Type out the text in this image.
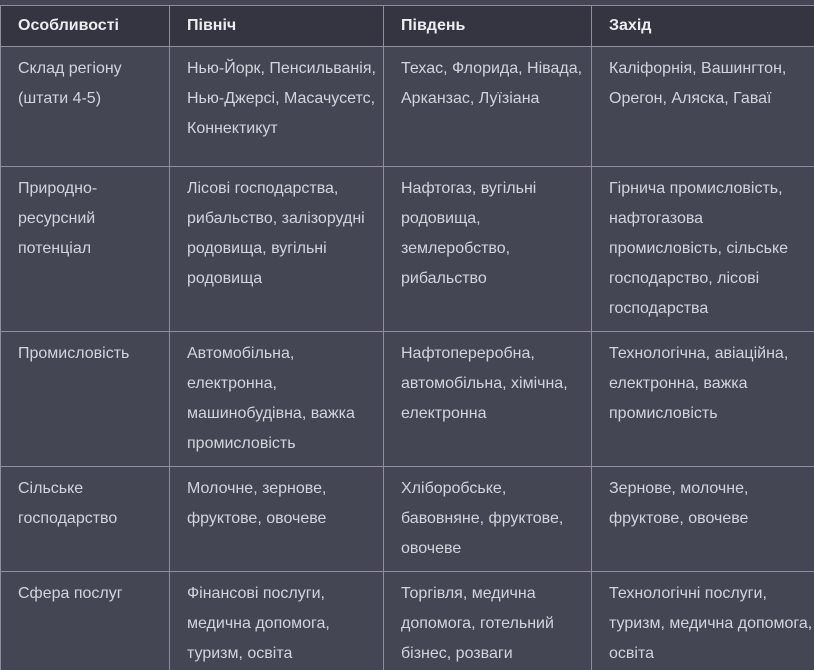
Особливості	Північ	Південь	Захід
Склад регіону (штати 4-5)	Нью-Йорк, Пенсильванія, Нью-Джерсі, Масачусетс, Коннектикут	Техас, Флорида, Нівада, Арканзас, Луїзіана	Каліфорнія, Вашингтон, Орегон, Аляска, Гаваї
Природно-ресурсний потенціал	Лісові господарства, рибальство, залізорудні родовища, вугільні родовища	Нафтогаз, вугільні родовища, землеробство, рибальство	Гірнича промисловість, нафтогазова промисловість, сільське господарство, лісові господарства
Промисловість	Автомобільна, електронна, машинобудівна, важка промисловість	Нафтопереробна, автомобільна, хімічна, електронна	Технологічна, авіаційна, електронна, важка промисловість
Сільське господарство	Молочне, зернове, фруктове, овочеве	Хліборобське, бавовняне, фруктове, овочеве	Зернове, молочне, фруктове, овочеве
Сфера послуг	Фінансові послуги, медична допомога, туризм, освіта	Торгівля, медична допомога, готельний бізнес, розваги	Технологічні послуги, туризм, медична допомога, освіта
